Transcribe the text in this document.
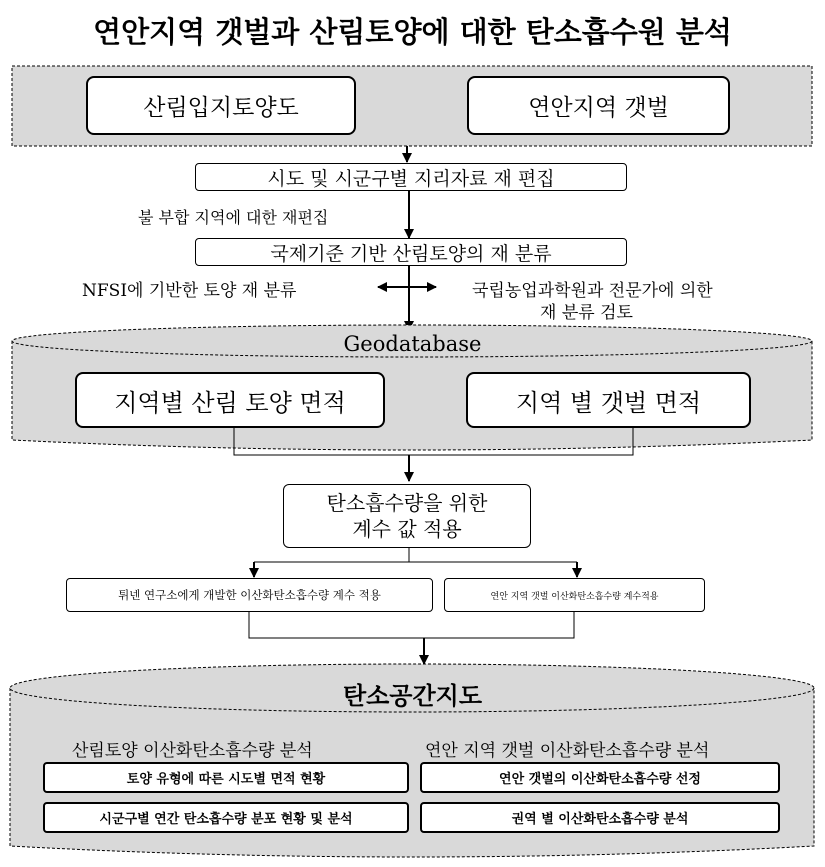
연안지역 갯벌과 산림토양에 대한 탄소흡수원 분석
산림입지토양도	연안지역 갯벌
시도 및 시군구별 지리자료 재 편집
불 부합 지역에 대한 재편집
국제기준 기반 산림토양의 재 분류
NFSI에 기반한 토양 재 분류	국립농업과학원과 전문가에 의한
재 분류 검토
Geodatabase
지역별 산림 토양 면적	지역 별 갯벌 면적
탄소흡수량을 위한
계수 값 적용
튀넨 연구소에게 개발한 이산화탄소흡수량 계수 적용	연안 지역 갯벌 이산화탄소흡수량 계수적용
탄소공간지도
산림토양 이산화탄소흡수량 분석	연안 지역 갯벌 이산화탄소흡수량 분석
토양 유형에 따른 시도별 면적 현황
시군구별 연간 탄소흡수량 분포 현황 및 분석
연안 갯벌의 이산화탄소흡수량 선정
권역 별 이산화탄소흡수량 분석
